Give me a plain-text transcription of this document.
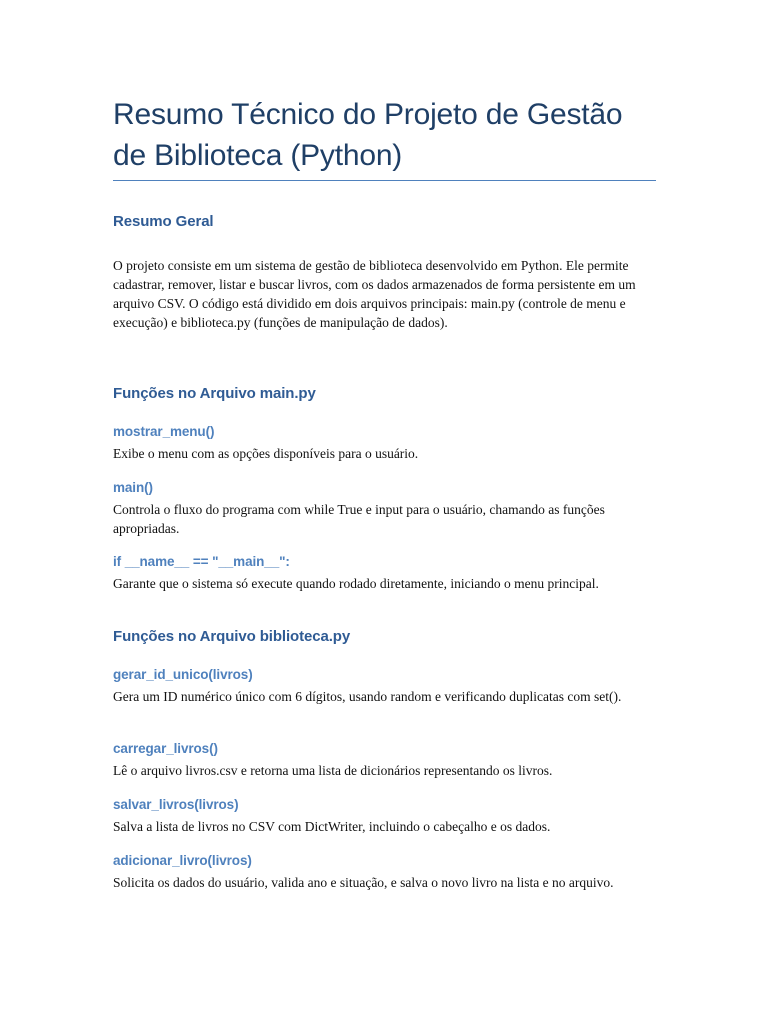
Resumo Técnico do Projeto de Gestão de Biblioteca (Python)
Resumo Geral

O projeto consiste em um sistema de gestão de biblioteca desenvolvido em Python. Ele permite cadastrar, remover, listar e buscar livros, com os dados armazenados de forma persistente em um arquivo CSV. O código está dividido em dois arquivos principais: main.py (controle de menu e execução) e biblioteca.py (funções de manipulação de dados).

Funções no Arquivo main.py
mostrar_menu()

Exibe o menu com as opções disponíveis para o usuário.

main()

Controla o fluxo do programa com while True e input para o usuário, chamando as funções apropriadas.

if __name__ == "__main__":

Garante que o sistema só execute quando rodado diretamente, iniciando o menu principal.

Funções no Arquivo biblioteca.py
gerar_id_unico(livros)

Gera um ID numérico único com 6 dígitos, usando random e verificando duplicatas com set().

carregar_livros()

Lê o arquivo livros.csv e retorna uma lista de dicionários representando os livros.

salvar_livros(livros)

Salva a lista de livros no CSV com DictWriter, incluindo o cabeçalho e os dados.

adicionar_livro(livros)

Solicita os dados do usuário, valida ano e situação, e salva o novo livro na lista e no arquivo.
